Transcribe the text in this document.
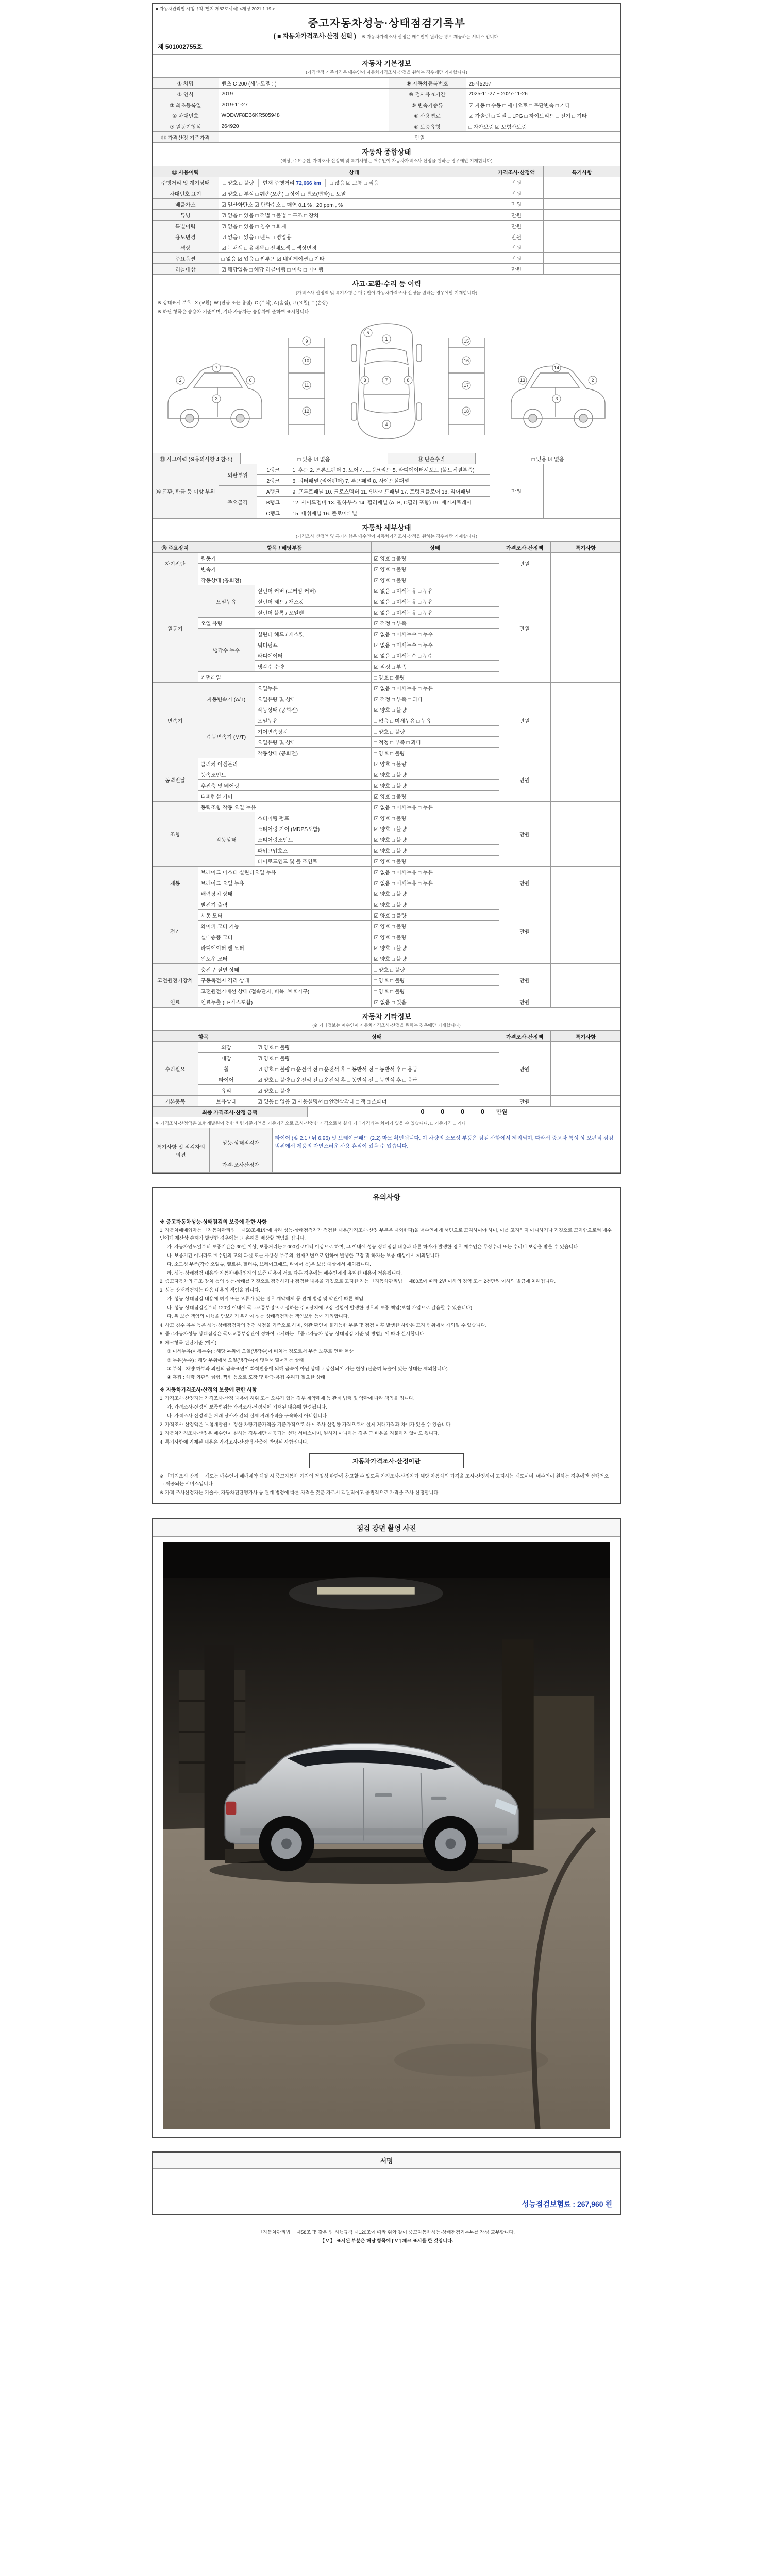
■ 자동차관리법 시행규칙 [별지 제82호서식] <개정 2021.1.19.>
중고자동차성능·상태점검기록부
( ■ 자동차가격조사·산정 선택 ) ※ 자동차가격조사·산정은 매수인이 원하는 경우 제공하는 서비스 입니다.
제 501002755호
자동차 기본정보
(가격산정 기준가격은 매수인이 자동차가격조사·산정을 원하는 경우에만 기재합니다)
① 차명	벤츠 C 200 (세부모델 : )	⑨ 자동차등록번호	25저5297
② 연식	2019	⑩ 검사유효기간	2025-11-27 ~ 2027-11-26
③ 최초등록일	2019-11-27	⑤ 변속기종류	☑ 자동 □ 수동 □ 세미오토 □ 무단변속 □ 기타
④ 차대번호	WDDWF8EB6KR505948	⑥ 사용연료	☑ 가솔린 □ 디젤 □ LPG □ 하이브리드 □ 전기 □ 기타
⑦ 원동기형식	264920	⑧ 보증유형	□ 자가보증 ☑ 보험사보증
⑪ 가격산정 기준가격	만원		
자동차 종합상태
(색상, 주요옵션, 가격조사·산정액 및 특기사항은 매수인이 자동차가격조사·산정을 원하는 경우에만 기재합니다)
⑫ 사용이력	상태	가격조사·산정액	특기사항
주행거리 및 계기상태	□ 양호 □ 불량 현재 주행거리 72,666 km □ 많음 ☑ 보통 □ 적음	만원	
차대번호 표기	☑ 양호 □ 부식 □ 훼손(오손) □ 상이 □ 변조(변타) □ 도말	만원	
배출가스	☑ 일산화탄소 ☑ 탄화수소 □ 매연 0.1 % , 20 ppm , %	만원	
튜닝	☑ 없음 □ 있음 □ 적법 □ 불법 □ 구조 □ 장치	만원	
특별이력	☑ 없음 □ 있음 □ 침수 □ 화재	만원	
용도변경	☑ 없음 □ 있음 □ 렌트 □ 영업용	만원	
색상	☑ 무채색 □ 유채색 □ 전체도색 □ 색상변경	만원	
주요옵션	□ 없음 ☑ 있음 □ 썬루프 ☑ 네비게이션 □ 기타	만원	
리콜대상	☑ 해당없음 □ 해당 리콜이행 □ 이행 □ 미이행	만원	
사고·교환·수리 등 이력
(가격조사·산정액 및 특기사항은 매수인이 자동차가격조사·산정을 원하는 경우에만 기재합니다)
※ 상태표시 부호 : X (교환), W (판금 또는 용접), C (부식), A (흠집), U (요철), T (손상)
※ 하단 항목은 승용차 기준이며, 기타 자동차는 승용차에 준하여 표시합니다.
2
3
6
7
9
10
11
12
1
7
4
5
3	8
15
16
17
18
2
3
13
14
⑬ 사고이력 (※유의사항 4 참조)	□ 있음 ☑ 없음	⑭ 단순수리	□ 있음 ☑ 없음
⑮ 교환, 판금 등 이상 부위	외판부위	1랭크	1. 후드 2. 프론트펜더 3. 도어 4. 트렁크리드 5. 라디에이터서포트 (볼트체결부품)	만원	
		2랭크	6. 쿼터패널 (리어펜더) 7. 루프패널 8. 사이드실패널		
	주요골격	A랭크	9. 프론트패널 10. 크로스멤버 11. 인사이드패널 17. 트렁크플로어 18. 리어패널		
		B랭크	12. 사이드멤버 13. 휠하우스 14. 필러패널 (A, B, C필러 포함) 19. 패키지트레이		
		C랭크	15. 대쉬패널 16. 플로어패널		
자동차 세부상태
(가격조사·산정액 및 특기사항은 매수인이 자동차가격조사·산정을 원하는 경우에만 기재합니다)
⑯ 주요장치	항목 / 해당부품		상태	가격조사·산정액	특기사항
자기진단	원동기		☑ 양호 □ 불량	만원	
	변속기		☑ 양호 □ 불량		
원동기	작동상태 (공회전)		☑ 양호 □ 불량	만원	
	오일누유	실린더 커버 (로커암 커버)	☑ 없음 □ 미세누유 □ 누유		
		실린더 헤드 / 개스킷	☑ 없음 □ 미세누유 □ 누유		
		실린더 블록 / 오일팬	☑ 없음 □ 미세누유 □ 누유		
	오일 유량		☑ 적정 □ 부족		
	냉각수 누수	실린더 헤드 / 개스킷	☑ 없음 □ 미세누수 □ 누수		
		워터펌프	☑ 없음 □ 미세누수 □ 누수		
		라디에이터	☑ 없음 □ 미세누수 □ 누수		
		냉각수 수량	☑ 적정 □ 부족		
	커먼레일		□ 양호 □ 불량		
변속기	자동변속기 (A/T)	오일누유	☑ 없음 □ 미세누유 □ 누유	만원	
		오일유량 및 상태	☑ 적정 □ 부족 □ 과다		
		작동상태 (공회전)	☑ 양호 □ 불량		
	수동변속기 (M/T)	오일누유	□ 없음 □ 미세누유 □ 누유		
		기어변속장치	□ 양호 □ 불량		
		오일유량 및 상태	□ 적정 □ 부족 □ 과다		
		작동상태 (공회전)	□ 양호 □ 불량		
동력전달	클러치 어셈블리		☑ 양호 □ 불량	만원	
	등속조인트		☑ 양호 □ 불량		
	추진축 및 베어링		☑ 양호 □ 불량		
	디퍼렌셜 기어		☑ 양호 □ 불량		
조향	동력조향 작동 오일 누유		☑ 없음 □ 미세누유 □ 누유	만원	
	작동상태	스티어링 펌프	☑ 양호 □ 불량		
		스티어링 기어 (MDPS포함)	☑ 양호 □ 불량		
		스티어링조인트	☑ 양호 □ 불량		
		파워고압호스	☑ 양호 □ 불량		
		타이로드엔드 및 볼 조인트	☑ 양호 □ 불량		
제동	브레이크 마스터 실린더오일 누유		☑ 없음 □ 미세누유 □ 누유	만원	
	브레이크 오일 누유		☑ 없음 □ 미세누유 □ 누유		
	배력장치 상태		☑ 양호 □ 불량		
전기	발전기 출력		☑ 양호 □ 불량	만원	
	시동 모터		☑ 양호 □ 불량		
	와이퍼 모터 기능		☑ 양호 □ 불량		
	실내송풍 모터		☑ 양호 □ 불량		
	라디에이터 팬 모터		☑ 양호 □ 불량		
	윈도우 모터		☑ 양호 □ 불량		
고전원전기장치	충전구 절연 상태		□ 양호 □ 불량	만원	
	구동축전지 격리 상태		□ 양호 □ 불량		
	고전원전기배선 상태 (접속단자, 피복, 보호기구)		□ 양호 □ 불량		
연료	연료누출 (LP가스포함)		☑ 없음 □ 있음	만원	
자동차 기타정보
(※ 기타정보는 매수인이 자동차가격조사·산정을 원하는 경우에만 기재합니다)
항목		상태	가격조사·산정액	특기사항
수리필요	외장	☑ 양호 □ 불량	만원	
	내장	☑ 양호 □ 불량		
	휠	☑ 양호 □ 불량 □ 운전석 전 □ 운전석 후 □ 동반석 전 □ 동반석 후 □ 응급		
	타이어	☑ 양호 □ 불량 □ 운전석 전 □ 운전석 후 □ 동반석 전 □ 동반석 후 □ 응급		
	유리	☑ 양호 □ 불량		
기본품목	보유상태	☑ 있음 □ 없음 ☑ 사용설명서 □ 안전삼각대 □ 잭 □ 스패너	만원	
최종 가격조사·산정 금액	0 0 0 0 만원
※ 가격조사·산정액은 보험개발원이 정한 차량기준가액을 기준가격으로 조사·산정한 가격으로서 실제 거래가격과는 차이가 있을 수 있습니다. □ 기준가격 □ 기타
특기사항 및 점검자의 의견	성능·상태점검자	타이어 (앞 2.1 / 뒤 6.96) 및 브레이크패드 (2.2) 마모 확인됩니다. 이 차량의 소모성 부품은 점검 사항에서 제외되며, 따라서 중고차 특성 상 보편적 점검 범위에서 제품의 자연스러운 사용 흔적이 있을 수 있습니다.
	가격·조사산정자	
유의사항
※ 중고자동차성능·상태점검의 보증에 관한 사항

1. 자동차매매업자는 「자동차관리법」 제58조제1항에 따라 성능·상태점검자가 점검한 내용(가격조사·산정 부분은 제외한다)을 매수인에게 서면으로 고지하여야 하며, 이를 고지하지 아니하거나 거짓으로 고지함으로써 매수인에게 재산상 손해가 발생한 경우에는 그 손해를 배상할 책임을 집니다.

가. 자동차인도일부터 보증기간은 30일 이상, 보증거리는 2,000킬로미터 이상으로 하며, 그 이내에 성능·상태점검 내용과 다른 하자가 발생한 경우 매수인은 무상수리 또는 수리비 보상을 받을 수 있습니다.

나. 보증기간 이내라도 매수인의 고의·과실 또는 사용상 부주의, 천재지변으로 인하여 발생한 고장 및 하자는 보증 대상에서 제외됩니다.

다. 소모성 부품(각종 오일류, 벨트류, 필터류, 브레이크패드, 타이어 등)은 보증 대상에서 제외됩니다.

라. 성능·상태점검 내용과 자동차매매업자의 보증 내용이 서로 다른 경우에는 매수인에게 유리한 내용이 적용됩니다.

2. 중고자동차의 구조·장치 등의 성능·상태를 거짓으로 점검하거나 점검한 내용을 거짓으로 고지한 자는 「자동차관리법」 제80조에 따라 2년 이하의 징역 또는 2천만원 이하의 벌금에 처해집니다.

3. 성능·상태점검자는 다음 내용의 책임을 집니다.

가. 성능·상태점검 내용에 허위 또는 오류가 있는 경우 계약해제 등 관계 법령 및 약관에 따른 책임

나. 성능·상태점검일부터 120일 이내에 국토교통부령으로 정하는 주요장치에 고장·결함이 발생한 경우의 보증 책임(보험 가입으로 갈음할 수 있습니다)

다. 위 보증 책임의 이행을 담보하기 위하여 성능·상태점검자는 책임보험 등에 가입합니다.

4. 사고·침수 유무 등은 성능·상태점검자의 점검 시점을 기준으로 하며, 외관 확인이 불가능한 부분 및 점검 이후 발생한 사항은 고지 범위에서 제외될 수 있습니다.

5. 중고자동차성능·상태점검은 국토교통부장관이 정하여 고시하는 「중고자동차 성능·상태점검 기준 및 방법」에 따라 실시합니다.

6. 체크항목 판단기준 (예시)

① 미세누유(미세누수) : 해당 부위에 오일(냉각수)이 비치는 정도로서 부품 노후로 인한 현상

② 누유(누수) : 해당 부위에서 오일(냉각수)이 맺혀서 떨어지는 상태

③ 부식 : 차량 하부와 외판의 금속표면이 화학반응에 의해 금속이 아닌 상태로 상실되어 가는 현상 (단순히 녹슬어 있는 상태는 제외합니다)

④ 흠집 : 차량 외판의 긁힘, 찍힘 등으로 도장 및 판금·용접 수리가 필요한 상태

※ 자동차가격조사·산정의 보증에 관한 사항

1. 가격조사·산정자는 가격조사·산정 내용에 허위 또는 오류가 있는 경우 계약해제 등 관계 법령 및 약관에 따라 책임을 집니다.

가. 가격조사·산정의 보증범위는 가격조사·산정서에 기재된 내용에 한정됩니다.

나. 가격조사·산정액은 거래 당사자 간의 실제 거래가격을 구속하지 아니합니다.

2. 가격조사·산정액은 보험개발원이 정한 차량기준가액을 기준가격으로 하여 조사·산정한 가격으로서 실제 거래가격과 차이가 있을 수 있습니다.

3. 자동차가격조사·산정은 매수인이 원하는 경우에만 제공되는 선택 서비스이며, 원하지 아니하는 경우 그 비용을 지불하지 않아도 됩니다.

4. 특기사항에 기재된 내용은 가격조사·산정액 산출에 반영된 사항입니다.

자동차가격조사·산정이란

※ 「가격조사·산정」 제도는 매수인이 매매계약 체결 시 중고자동차 가격의 적절성 판단에 참고할 수 있도록 가격조사·산정자가 해당 자동차의 가격을 조사·산정하여 고지하는 제도이며, 매수인이 원하는 경우에만 선택적으로 제공되는 서비스입니다.

※ 가격·조사산정자는 기술사, 자동차진단평가사 등 관계 법령에 따른 자격을 갖춘 자로서 객관적이고 중립적으로 가격을 조사·산정합니다.

점검 장면 촬영 사진
서명
성능점검보험료 : 267,960 원
「자동차관리법」 제58조 및 같은 법 시행규칙 제120조에 따라 위와 같이 중고자동차성능·상태점검기록부를 작성·교부합니다.
【 V 】 표시된 부분은 해당 항목에 [ V ] 체크 표시를 한 것입니다.
